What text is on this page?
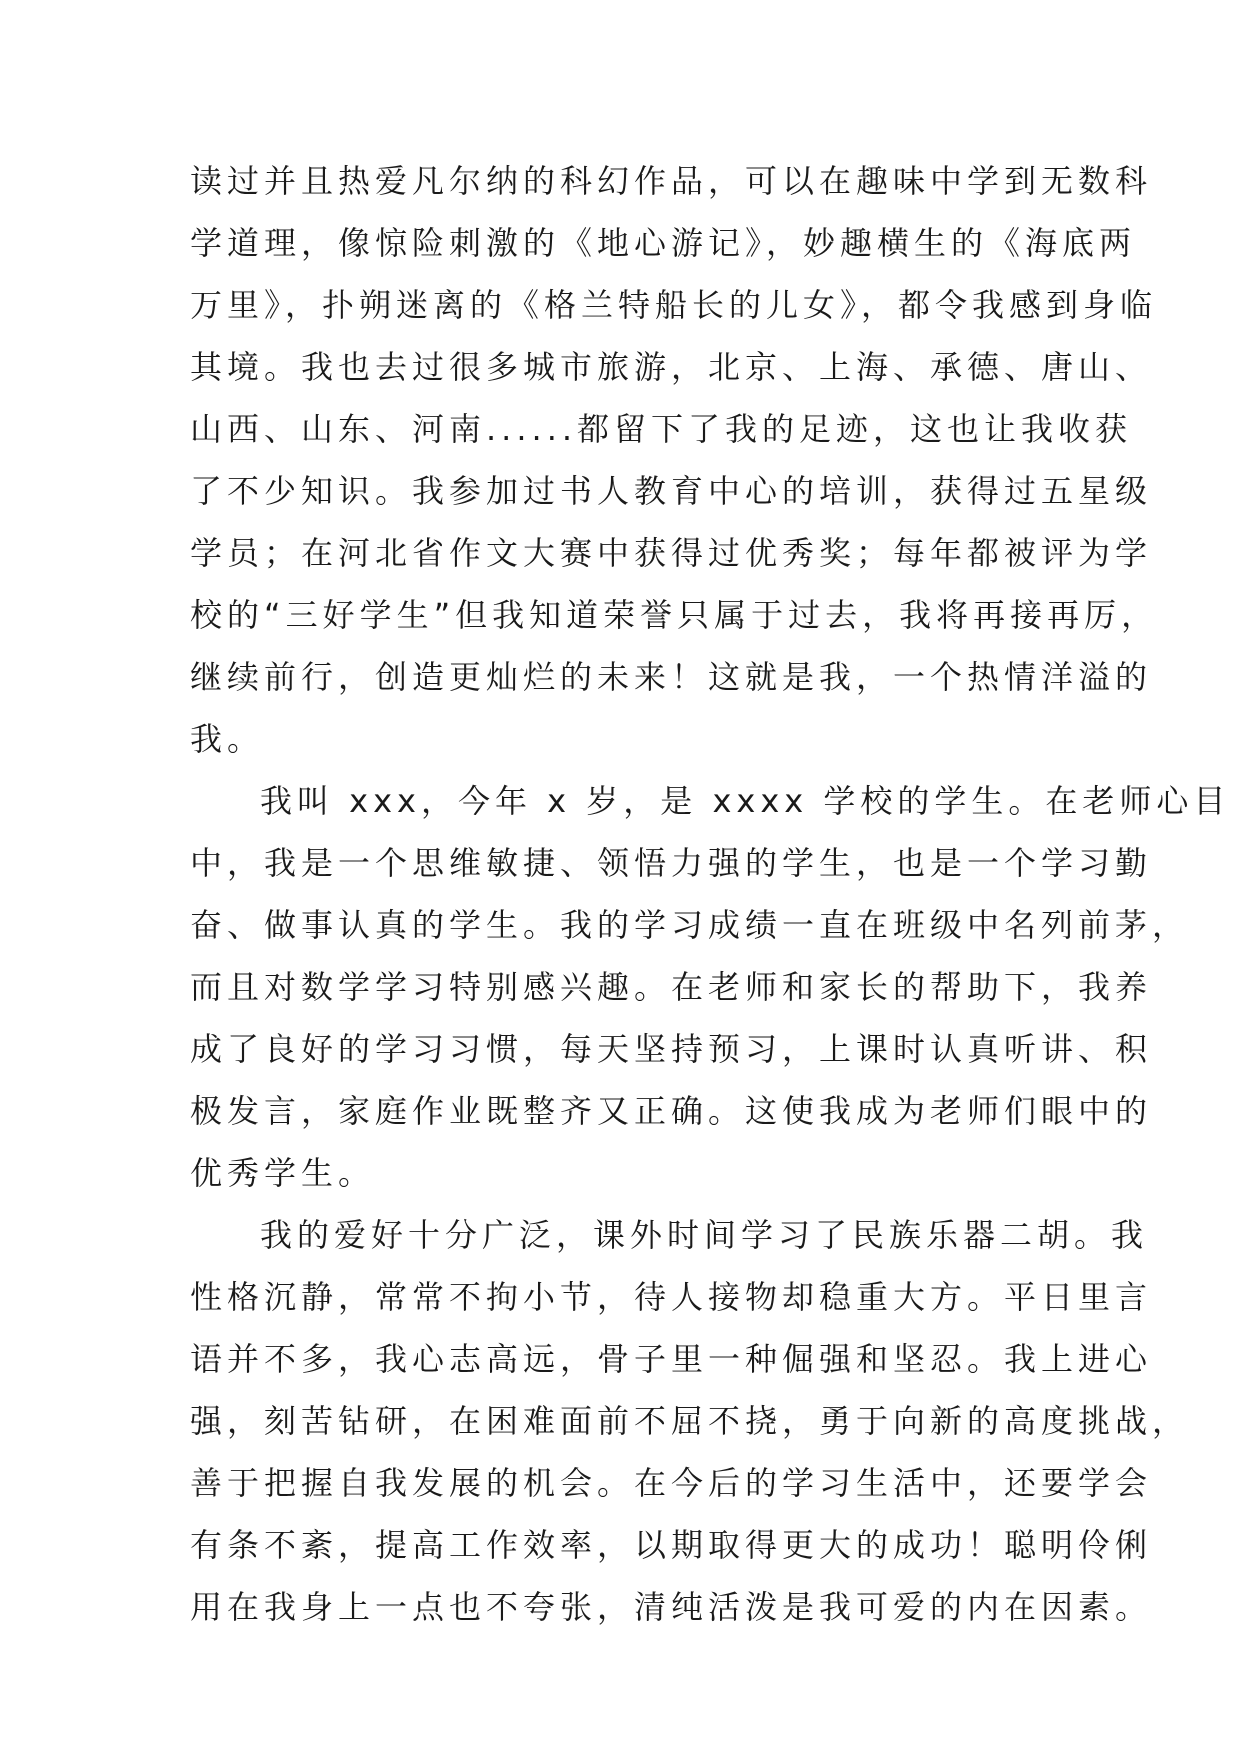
读过并且热爱凡尔纳的科幻作品，可以在趣味中学到无数科
学道理，像惊险刺激的《地心游记》，妙趣横生的《海底两
万里》，扑朔迷离的《格兰特船长的儿女》，都令我感到身临
其境。我也去过很多城市旅游，北京、上海、承德、唐山、
山西、山东、河南......都留下了我的足迹，这也让我收获
了不少知识。我参加过书人教育中心的培训，获得过五星级
学员；在河北省作文大赛中获得过优秀奖；每年都被评为学
校的“三好学生”但我知道荣誉只属于过去，我将再接再厉，
继续前行，创造更灿烂的未来！这就是我，一个热情洋溢的
我。
我叫 xxx，今年 x 岁，是 xxxx 学校的学生。在老师心目
中，我是一个思维敏捷、领悟力强的学生，也是一个学习勤
奋、做事认真的学生。我的学习成绩一直在班级中名列前茅，
而且对数学学习特别感兴趣。在老师和家长的帮助下，我养
成了良好的学习习惯，每天坚持预习，上课时认真听讲、积
极发言，家庭作业既整齐又正确。这使我成为老师们眼中的
优秀学生。
我的爱好十分广泛，课外时间学习了民族乐器二胡。我
性格沉静，常常不拘小节，待人接物却稳重大方。平日里言
语并不多，我心志高远，骨子里一种倔强和坚忍。我上进心
强，刻苦钻研，在困难面前不屈不挠，勇于向新的高度挑战，
善于把握自我发展的机会。在今后的学习生活中，还要学会
有条不紊，提高工作效率，以期取得更大的成功！聪明伶俐
用在我身上一点也不夸张，清纯活泼是我可爱的内在因素。
